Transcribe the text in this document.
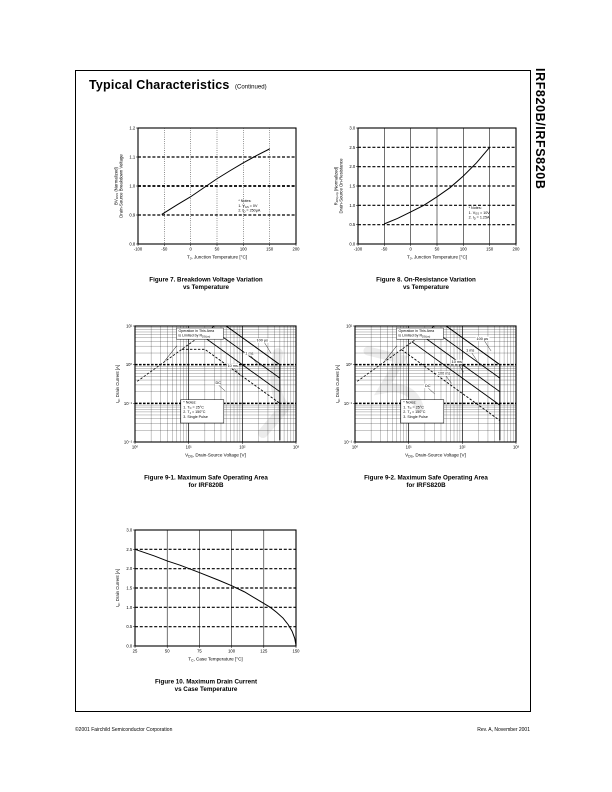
Typical Characteristics (Continued)
-100	-50	0	50	100	150	200
0.8
0.9
1.0
1.1
1.2
* Notes:
1. $V_{GS} = 0V$
2. $I_D = 250\mu A$
$T_J$, Junction Temperature [°C]
$BV_{DSS}$ (Normalized) Drain-Source Breakdown Voltage
-100	-50	0	50	100	150	200
0.0
0.5
1.0
1.5
2.0
2.5
3.0
* Notes:
1. $V_{GS} = 10V$
2. $I_D = 1.25A$
$T_J$, Junction Temperature [°C]
$R_{DS(on)}$ (Normalized) Drain-Source On-Resistance
Figure 7. Breakdown Voltage Variation
vs Temperature
Figure 8. On-Resistance Variation
vs Temperature
10⁰	10¹	10²	10³
10⁻²
10⁻¹
10⁰
10¹
100 μs
1 ms
10 ms
DC
Operation in This Area
is Limited by $R_{DS(on)}$
* Notes:
1. $T_C = 25^\circ C$
2. $T_J = 150^\circ C$
3. Single Pulse
$V_{DS}$, Drain-Source Voltage [V]
$I_D$, Drain Current [A]
10⁰	10¹	10²	10³
10⁻²
10⁻¹
10⁰
10¹
100 μs
1 ms
10 ms
100 ms
DC
Operation in This Area
is Limited by $R_{DS(on)}$
* Notes:
1. $T_C = 25^\circ C$
2. $T_J = 150^\circ C$
3. Single Pulse
$V_{DS}$, Drain-Source Voltage [V]
$I_D$, Drain Current [A]
Figure 9-1. Maximum Safe Operating Area
for IRF820B
Figure 9-2. Maximum Safe Operating Area
for IRFS820B
25	50	75	100	125	150
0.0
0.5
1.0
1.5
2.0
2.5
3.0
$T_C$, Case Temperature [°C]
$I_D$, Drain Current [A]
Figure 10. Maximum Drain Current
vs Case Temperature
IRF820B/IRFS820B
©2001 Fairchild Semiconductor Corporation	Rev. A, November 2001
